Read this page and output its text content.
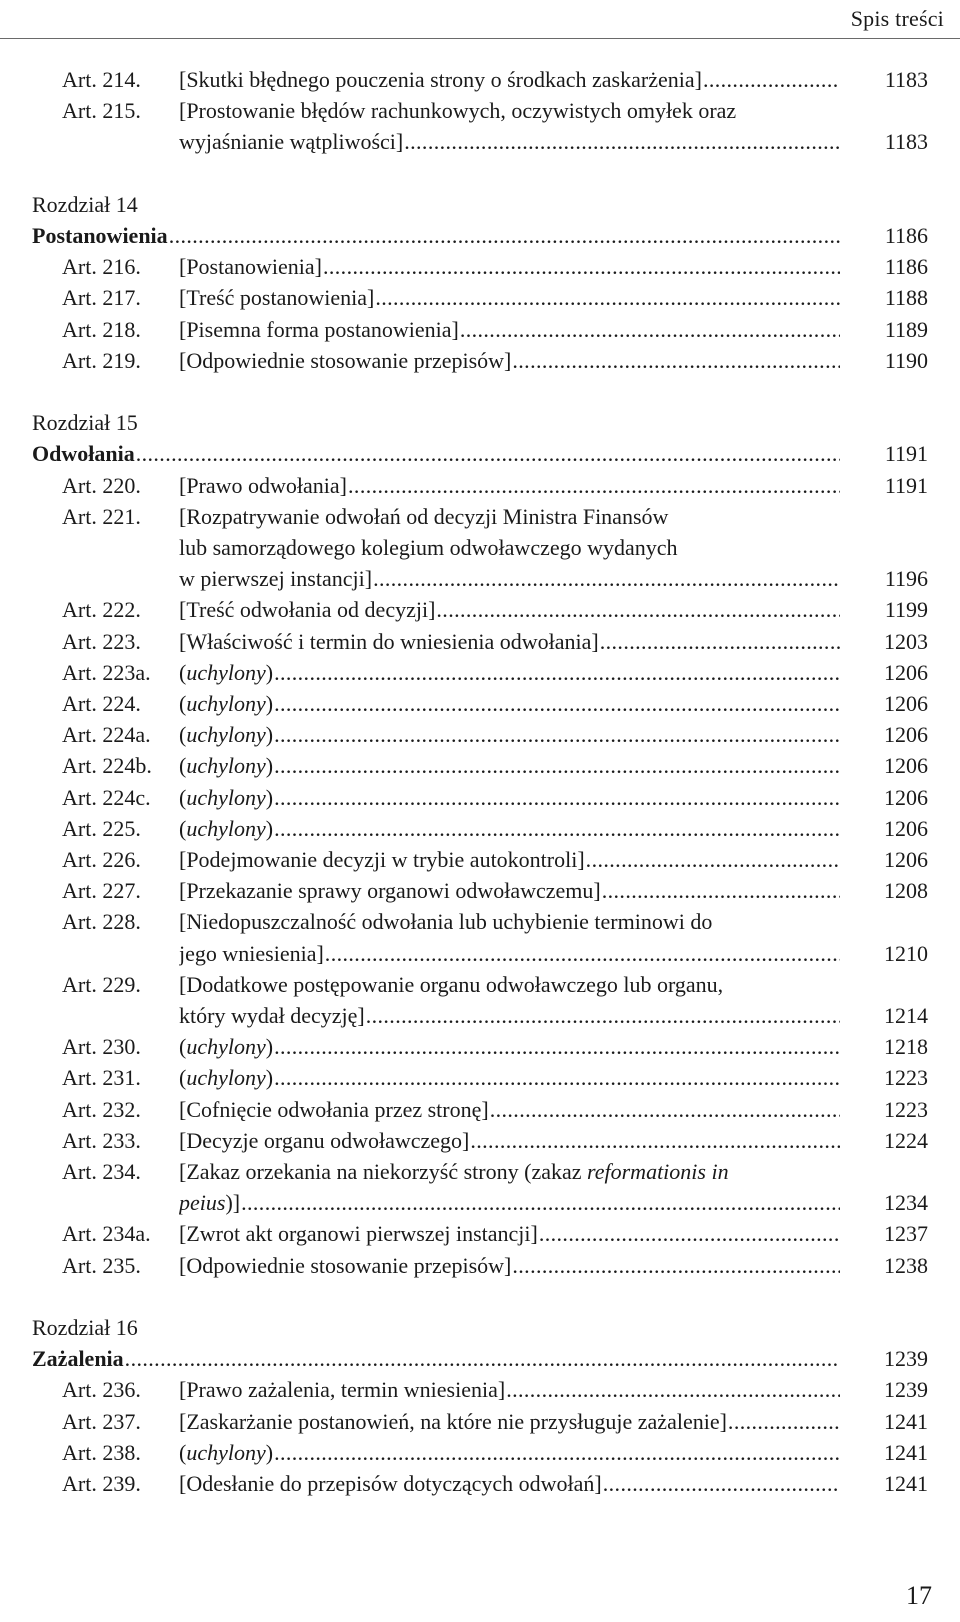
Spis treści
Art. 214. [Skutki błędnego pouczenia strony o środkach zaskarżenia] .....	1183
Art. 215. [Prostowanie błędów rachunkowych, oczywistych omyłek oraz
wyjaśnianie wątpliwości] .....	1183
Rozdział 14
Postanowienia .....	1186
Art. 216. [Postanowienia] .....	1186
Art. 217. [Treść postanowienia] .....	1188
Art. 218. [Pisemna forma postanowienia] .....	1189
Art. 219. [Odpowiednie stosowanie przepisów] .....	1190
Rozdział 15
Odwołania .....	1191
Art. 220. [Prawo odwołania] .....	1191
Art. 221. [Rozpatrywanie odwołań od decyzji Ministra Finansów
lub samorządowego kolegium odwoławczego wydanych
w pierwszej instancji] .....	1196
Art. 222. [Treść odwołania od decyzji] .....	1199
Art. 223. [Właściwość i termin do wniesienia odwołania] .....	1203
Art. 223a. (uchylony) .....	1206
Art. 224. (uchylony) .....	1206
Art. 224a. (uchylony) .....	1206
Art. 224b. (uchylony) .....	1206
Art. 224c. (uchylony) .....	1206
Art. 225. (uchylony) .....	1206
Art. 226. [Podejmowanie decyzji w trybie autokontroli] .....	1206
Art. 227. [Przekazanie sprawy organowi odwoławczemu] .....	1208
Art. 228. [Niedopuszczalność odwołania lub uchybienie terminowi do
jego wniesienia] .....	1210
Art. 229. [Dodatkowe postępowanie organu odwoławczego lub organu,
który wydał decyzję] .....	1214
Art. 230. (uchylony) .....	1218
Art. 231. (uchylony) .....	1223
Art. 232. [Cofnięcie odwołania przez stronę] .....	1223
Art. 233. [Decyzje organu odwoławczego] .....	1224
Art. 234. [Zakaz orzekania na niekorzyść strony (zakaz reformationis in
peius)] .....	1234
Art. 234a. [Zwrot akt organowi pierwszej instancji] .....	1237
Art. 235. [Odpowiednie stosowanie przepisów] .....	1238
Rozdział 16
Zażalenia .....	1239
Art. 236. [Prawo zażalenia, termin wniesienia] .....	1239
Art. 237. [Zaskarżanie postanowień, na które nie przysługuje zażalenie] .....	1241
Art. 238. (uchylony) .....	1241
Art. 239. [Odesłanie do przepisów dotyczących odwołań] .....	1241
17
